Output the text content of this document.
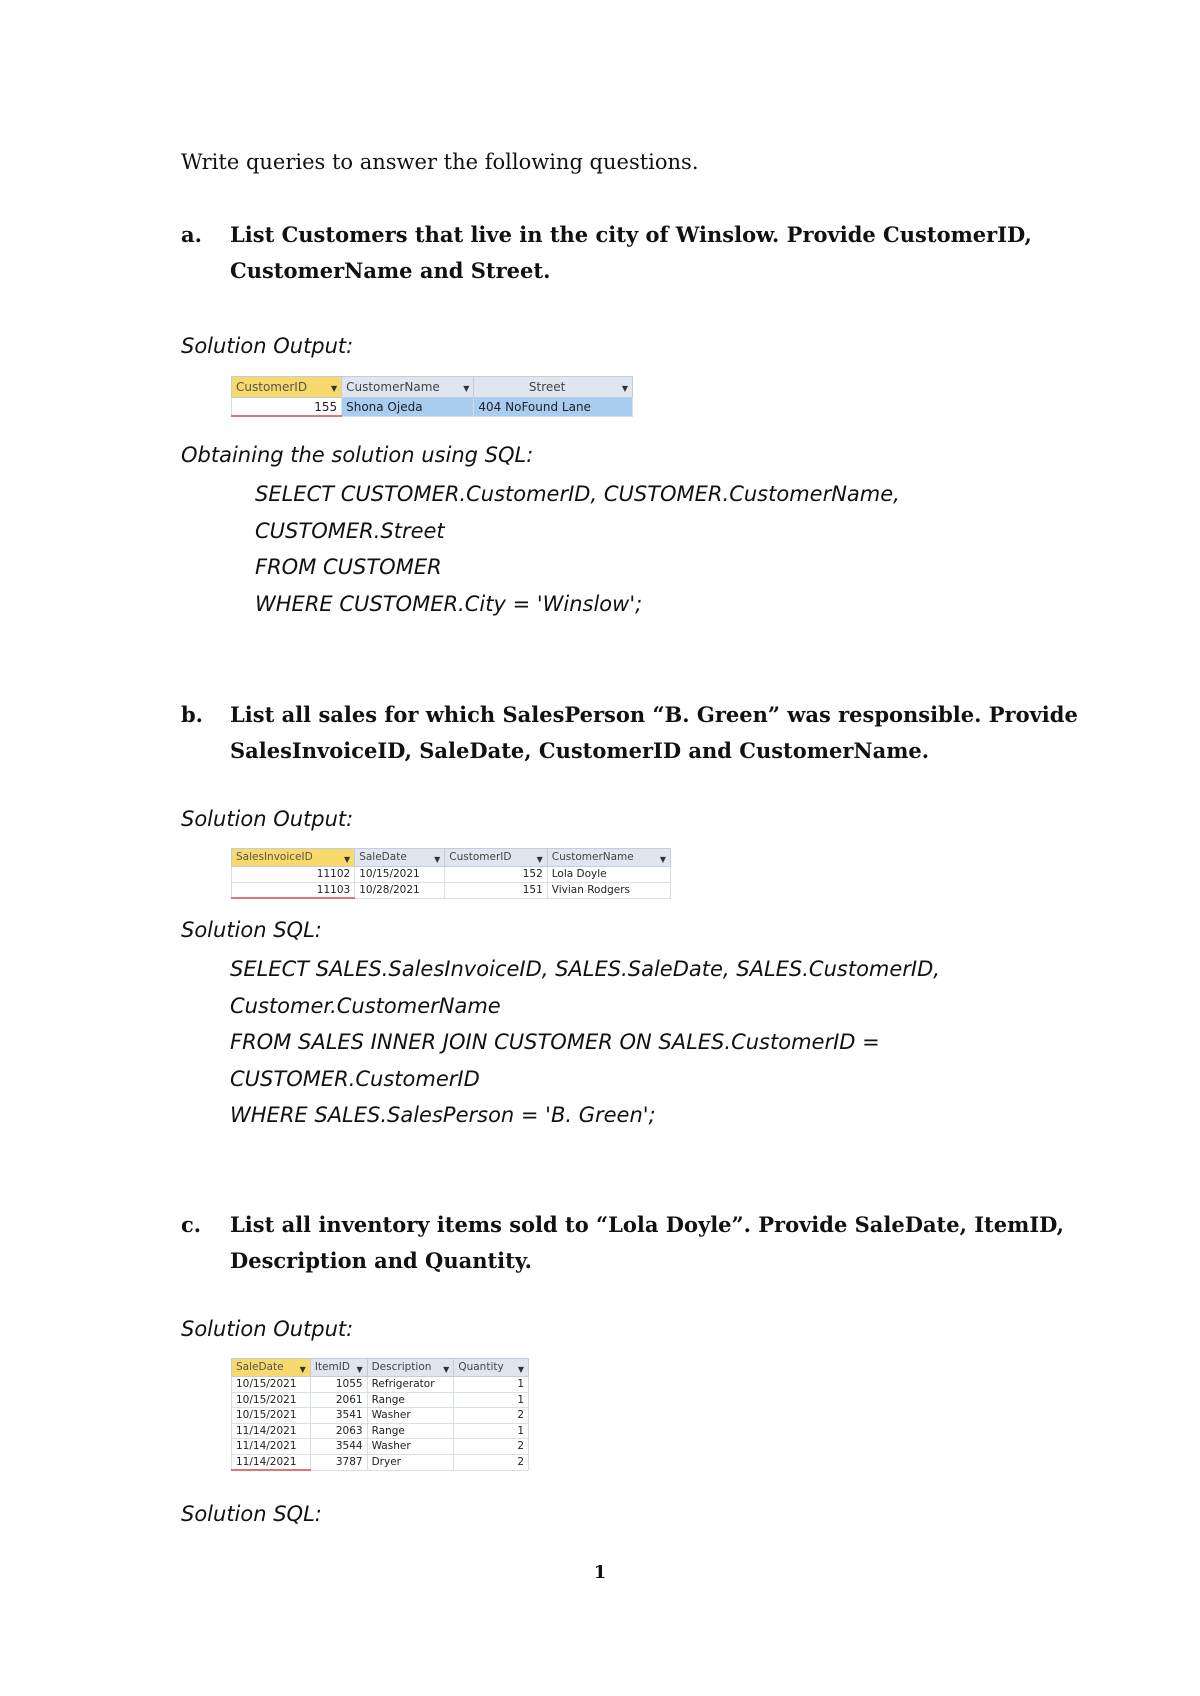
Write queries to answer the following questions.
a. List Customers that live in the city of Winslow. Provide CustomerID,
CustomerName and Street.
Solution Output:
CustomerID ▼	CustomerName ▼	Street ▼

155	Shona Ojeda	404 NoFound Lane
Obtaining the solution using SQL:
SELECT CUSTOMER.CustomerID, CUSTOMER.CustomerName,
CUSTOMER.Street
FROM CUSTOMER
WHERE CUSTOMER.City = 'Winslow';
b. List all sales for which SalesPerson “B. Green” was responsible. Provide
SalesInvoiceID, SaleDate, CustomerID and CustomerName.
Solution Output:
SalesInvoiceID ▼	SaleDate ▼	CustomerID ▼	CustomerName ▼

11102	10/15/2021	152	Lola Doyle
11103	10/28/2021	151	Vivian Rodgers
Solution SQL:
SELECT SALES.SalesInvoiceID, SALES.SaleDate, SALES.CustomerID,
Customer.CustomerName
FROM SALES INNER JOIN CUSTOMER ON SALES.CustomerID =
CUSTOMER.CustomerID
WHERE SALES.SalesPerson = 'B. Green';
c. List all inventory items sold to “Lola Doyle”. Provide SaleDate, ItemID,
Description and Quantity.
Solution Output:
SaleDate ▼	ItemID ▼	Description ▼	Quantity ▼

10/15/2021	1055	Refrigerator	1
10/15/2021	2061	Range	1
10/15/2021	3541	Washer	2
11/14/2021	2063	Range	1
11/14/2021	3544	Washer	2
11/14/2021	3787	Dryer	2
Solution SQL:
1
